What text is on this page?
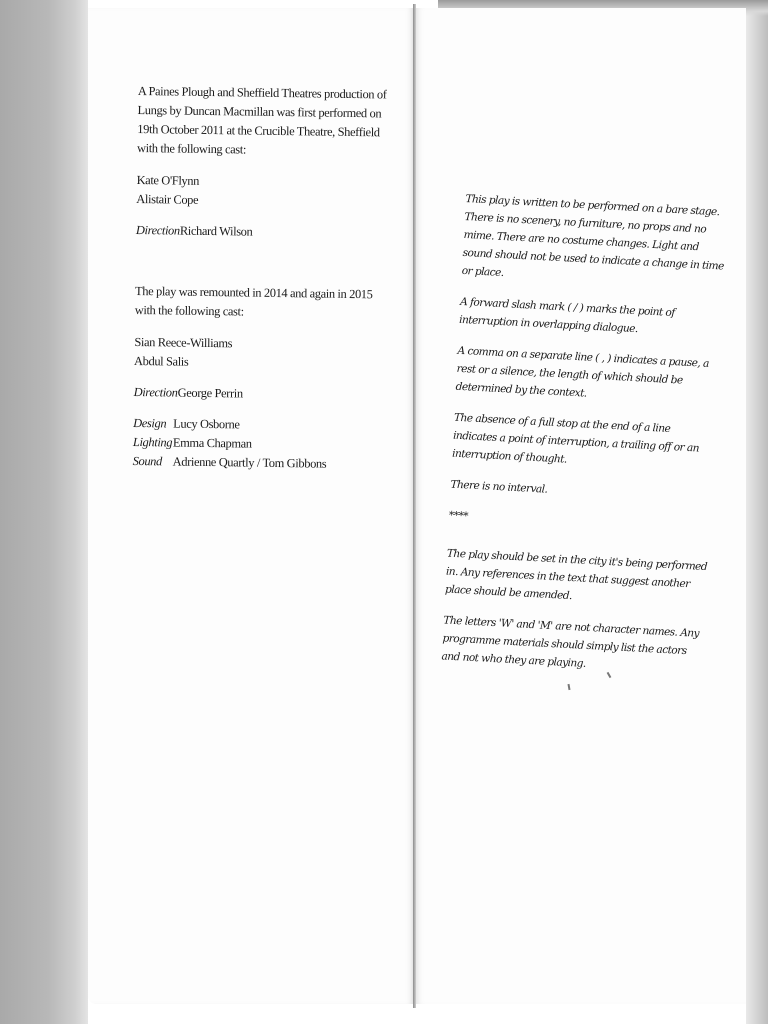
A Paines Plough and Sheffield Theatres production of Lungs by Duncan Macmillan was first performed on 19th October 2011 at the Crucible Theatre, Sheffield with the following cast:

Kate O'Flynn

Alistair Cope

Direction Richard Wilson

The play was remounted in 2014 and again in 2015 with the following cast:

Sian Reece-Williams

Abdul Salis

Direction George Perrin
Design Lucy Osborne
Lighting Emma Chapman
Sound Adrienne Quartly / Tom Gibbons

This play is written to be performed on a bare stage. There is no scenery, no furniture, no props and no mime. There are no costume changes. Light and sound should not be used to indicate a change in time or place.

A forward slash mark ( / ) marks the point of interruption in overlapping dialogue.

A comma on a separate line ( , ) indicates a pause, a rest or a silence, the length of which should be determined by the context.

The absence of a full stop at the end of a line indicates a point of interruption, a trailing off or an interruption of thought.

There is no interval.

****

The play should be set in the city it's being performed in. Any references in the text that suggest another place should be amended.

The letters 'W' and 'M' are not character names. Any programme materials should simply list the actors and not who they are playing.
